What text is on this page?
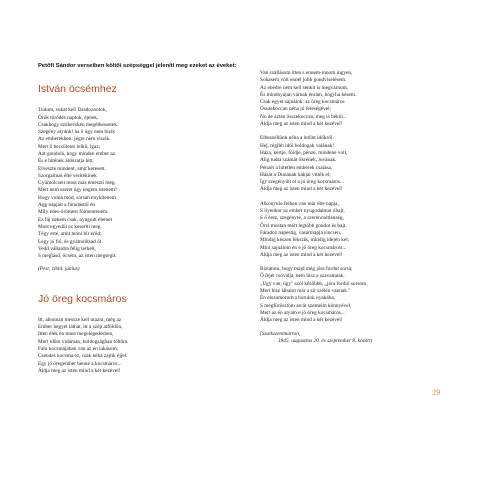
Petőfi Sándor verseiben költői szépséggel jeleníti meg ezeket az éveket:

István öcsémhez
Tudom, sokat kell fáradoznotok,
Örök törődés naptok, éjetek,
Csakhogy szűkecskén megélhessetek.
Szegény atyánk! ha ő úgy nem bízik
Az emberekben: jégre nem viszik.
Mert ő becsületes lelkű, igaz;
Azt gondolá, hogy minden ember az.
És e hitének áldozatja lett,
Elveszte mindent, amit keresett.
Szorgalmas élte verítékinek
Gyümölcseit most más emészti meg.
Mért nem szeret úgy engem istenem?
Hogy volna mód, sorsán enyhítenem.
Agg napjait a fáradástól én
Mily édes-örömest fölmenteném.
Ez fáj nekem csak, nyugodt életnet
Most egyedül ez keseríti meg.
Tégy erte, amit tenni bír erőd;
Légy jó fiú, és gyámolítsad őt.
Vedd vállaidra félig terheit,
S meglásd, öcsém, az isten megsegít.

(Pest, 1844. június)

Jó öreg kocsmáros
Itt, ahonnan messze kell utazni, még az
Ember hegyet láthat, itt a szép alföldön,
Itten élek én most megelégedésben,
Mert időm vidáman, boldogságban töltöm.
Falu kocsmájában van az én lakásom;
Csendes kocsma ez, csak néha zajlik éjjel.
Egy jó öregember benne a kocsmáros...
Áldja meg az isten mind a két kezével!
Van szállásom itten s ennem-innom ingyen,
Sohasem volt ennél jobb gondviselésem.
Az ebédre nem kell senkit is megvárnom,
És mindnyájan várnak énrám, hogyha késem.
Csak egyet sajnálok: az öreg kocsmáros
Összekoccan néha jó feleségével;
No de aztán összekoccan, meg is békül...
Áldja meg az isten mind a két kezével!
Elbeszéllünk néha a letűnt időkről.
Hej, régibb idői boldogak valának!
Háza, kertje, földje, pénze, mindene volt,
Alig tudta számát ökrének, lovának.
Pénzét a hitetlen emberek csalása,
Házát a Dunának habjai vitték el;
Így szegényült el a jó öreg kocsmáros...
Áldja meg az isten mind a két kezével!
Alkonyulo felhen van már élte napja,
S ilyenkor az ember nyugodalmat óhajt,
S ő érez, szegényre, a szerencsétlenség,
Őrzi mostan mért legtöbb gondot és bajt.
Fáradoz napestig, vasármapja sincsen,
Mindig készen fekszik, mindig idején kel;
Mint sajnálom én e jó öreg kocsmárost...
Áldja meg az isten mind a két kezével!
Biztatom, hogy majd még jóra fordul sorsa;
Ő fejét csóválja, nem hisz a szavamnak.
„Ugy van, úgy" szól későbbb, „jóra fordul sorsom,
Mert hisz lábaim már a sír szélén vannak."
Én elszomorodva borulok nyakába,
S megfürösztöm arcát szemeim könnyével,
Mert az én atyám e jó öreg kocsmáros...
Áldja meg az isten mind a két kezével!

(Szalkszentmárton,
1845. augusztus 20. és szeptember 8. között)

29
